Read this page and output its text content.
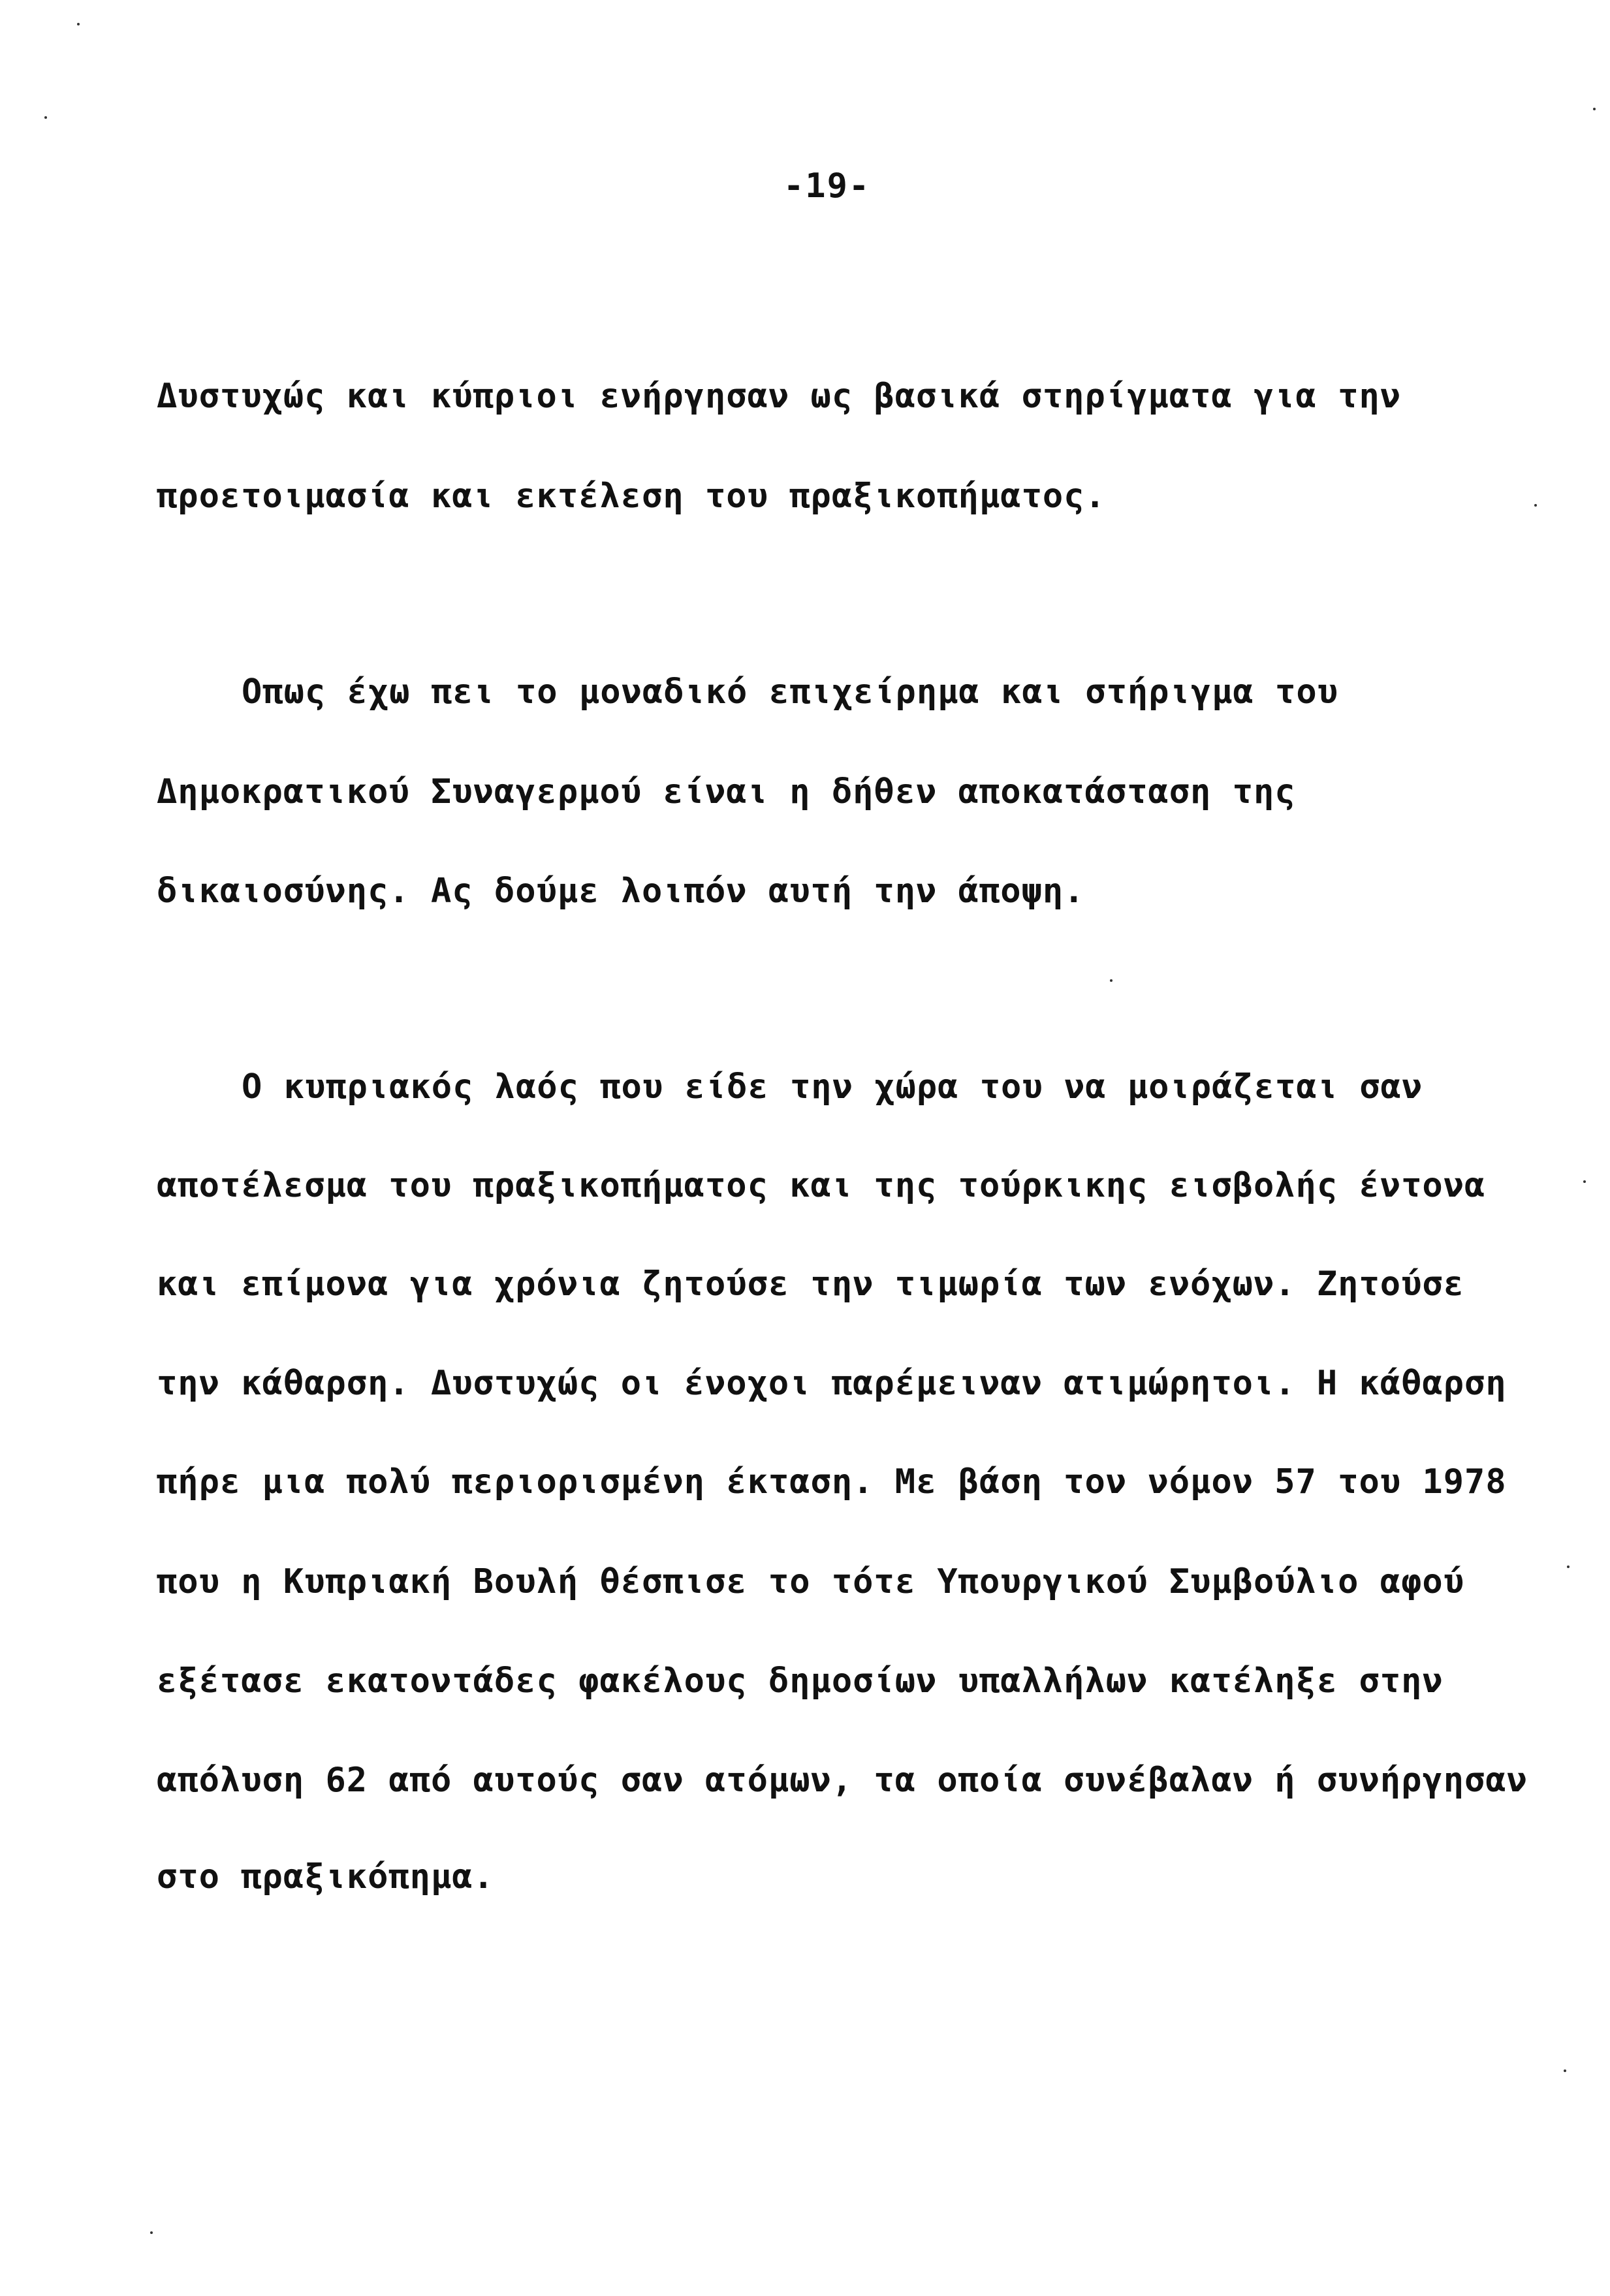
-19-
Δυστυχώς και κύπριοι ενήργησαν ως βασικά στηρίγματα για την
προετοιμασία και εκτέλεση του πραξικοπήματος.
Οπως έχω πει το μοναδικό επιχείρημα και στήριγμα του
Δημοκρατικού Συναγερμού είναι η δήθεν αποκατάσταση της
δικαιοσύνης. Ας δούμε λοιπόν αυτή την άποψη.
Ο κυπριακός λαός που είδε την χώρα του να μοιράζεται σαν
αποτέλεσμα του πραξικοπήματος και της τούρκικης εισβολής έντονα
και επίμονα για χρόνια ζητούσε την τιμωρία των ενόχων. Ζητούσε
την κάθαρση. Δυστυχώς οι ένοχοι παρέμειναν ατιμώρητοι. Η κάθαρση
πήρε μια πολύ περιορισμένη έκταση. Με βάση τον νόμον 57 του 1978
που η Κυπριακή Βουλή θέσπισε το τότε Υπουργικού Συμβούλιο αφού
εξέτασε εκατοντάδες φακέλους δημοσίων υπαλλήλων κατέληξε στην
απόλυση 62 από αυτούς σαν ατόμων, τα οποία συνέβαλαν ή συνήργησαν
στο πραξικόπημα.
